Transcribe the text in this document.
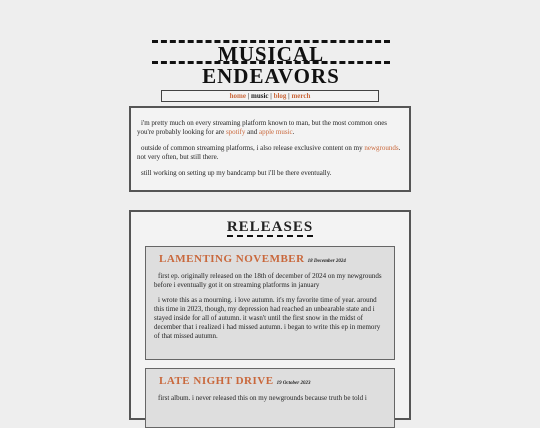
MUSICAL ENDEAVORS
home | music | blog | merch

i'm pretty much on every streaming platform known to man, but the most common ones you're probably looking for are spotify and apple music.

outside of common streaming platforms, i also release exclusive content on my newgrounds. not very often, but still there.

still working on setting up my bandcamp but i'll be there eventually.

RELEASES
LAMENTING NOVEMBER 18 December 2024

first ep. originally released on the 18th of december of 2024 on my newgrounds before i eventually got it on streaming platforms in january

i wrote this as a mourning. i love autumn. it's my favorite time of year. around this time in 2023, though, my depression had reached an unbearable state and i stayed inside for all of autumn. it wasn't until the first snow in the midst of december that i realized i had missed autumn. i began to write this ep in memory of that missed autumn.

LATE NIGHT DRIVE 19 October 2023

first album. i never released this on my newgrounds because truth be told i
